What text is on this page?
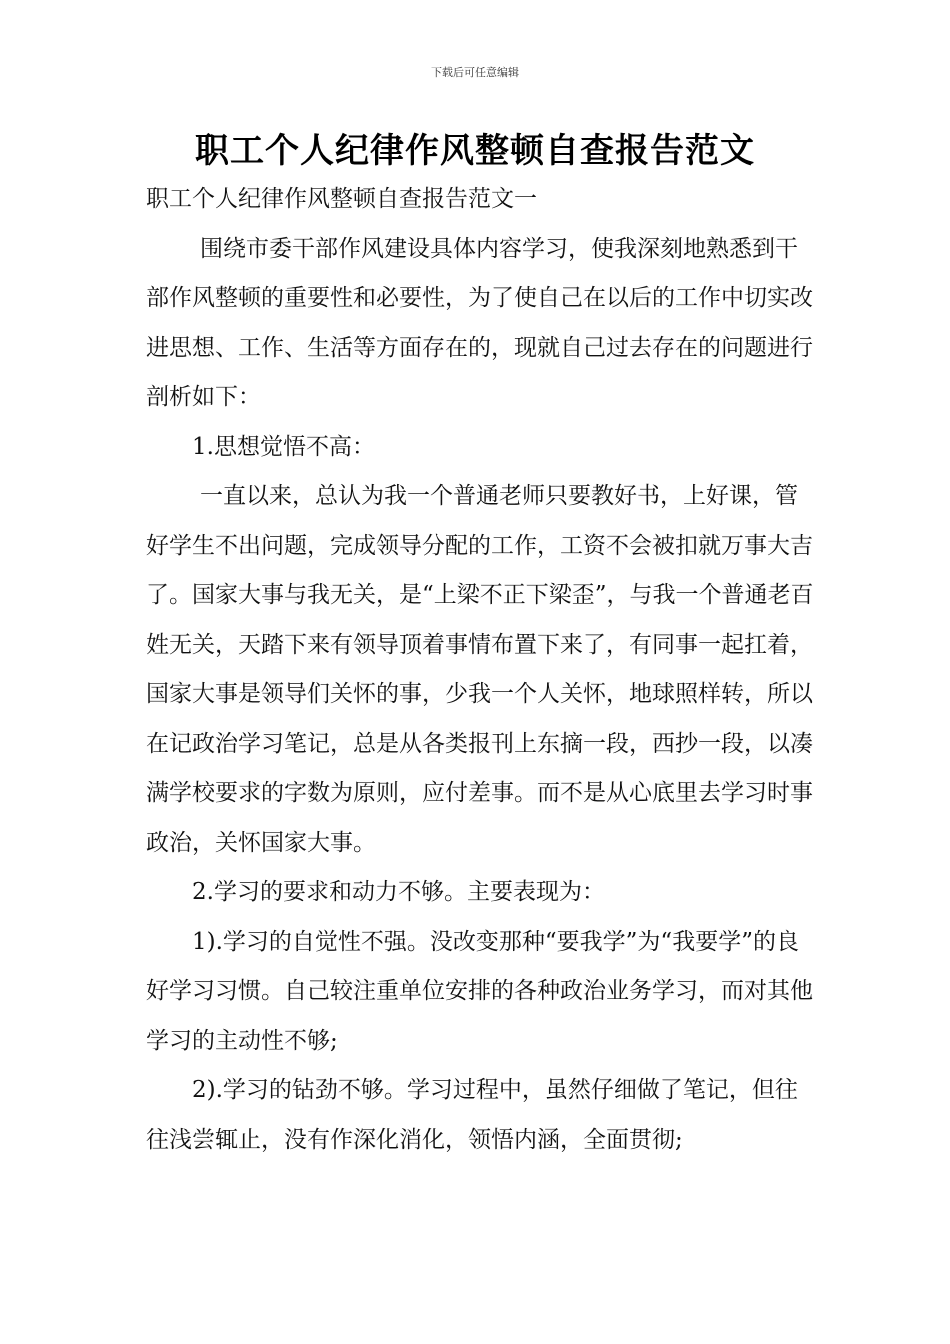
下载后可任意编辑
职工个人纪律作风整顿自查报告范文

职工个人纪律作风整顿自查报告范文一

围绕市委干部作风建设具体内容学习，使我深刻地熟悉到干部作风整顿的重要性和必要性，为了使自己在以后的工作中切实改进思想、工作、生活等方面存在的，现就自己过去存在的问题进行剖析如下：

1.思想觉悟不高：

一直以来，总认为我一个普通老师只要教好书，上好课，管好学生不出问题，完成领导分配的工作，工资不会被扣就万事大吉了。国家大事与我无关，是“上梁不正下梁歪”，与我一个普通老百姓无关，天踏下来有领导顶着事情布置下来了，有同事一起扛着，国家大事是领导们关怀的事，少我一个人关怀，地球照样转，所以在记政治学习笔记，总是从各类报刊上东摘一段，西抄一段，以凑满学校要求的字数为原则，应付差事。而不是从心底里去学习时事政治，关怀国家大事。

2.学习的要求和动力不够。主要表现为：

1).学习的自觉性不强。没改变那种“要我学”为“我要学”的良好学习习惯。自己较注重单位安排的各种政治业务学习，而对其他学习的主动性不够;

2).学习的钻劲不够。学习过程中，虽然仔细做了笔记，但往往浅尝辄止，没有作深化消化，领悟内涵，全面贯彻;
